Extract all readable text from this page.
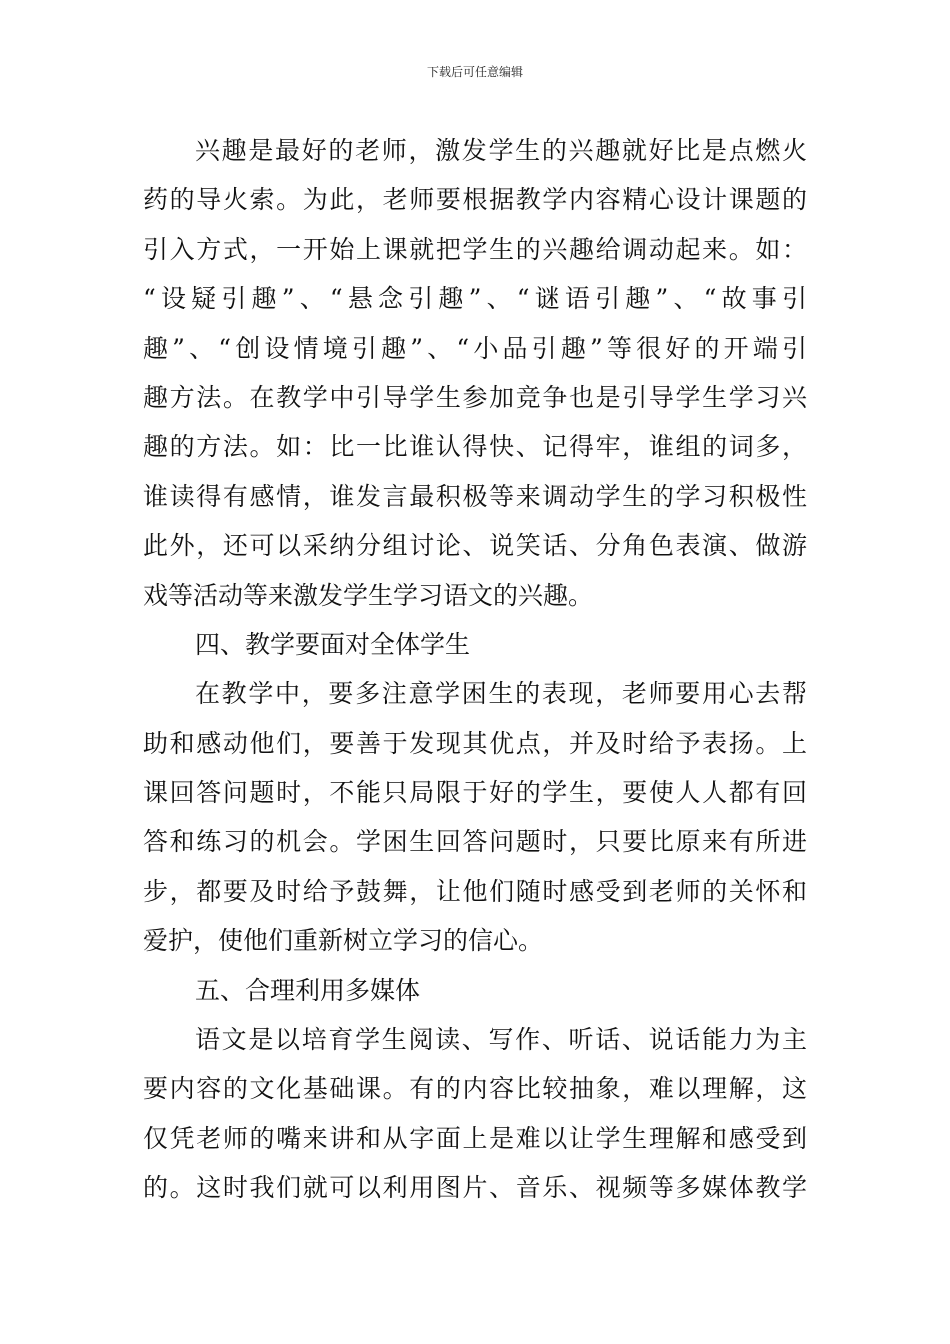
下载后可任意编辑
兴趣是最好的老师，激发学生的兴趣就好比是点燃火
药的导火索。为此，老师要根据教学内容精心设计课题的
引入方式，一开始上课就把学生的兴趣给调动起来。如：
“设疑引趣”、“悬念引趣”、“谜语引趣”、“故事引
趣”、“创设情境引趣”、“小品引趣”等很好的开端引
趣方法。在教学中引导学生参加竞争也是引导学生学习兴
趣的方法。如：比一比谁认得快、记得牢，谁组的词多，
谁读得有感情，谁发言最积极等来调动学生的学习积极性
此外，还可以采纳分组讨论、说笑话、分角色表演、做游
戏等活动等来激发学生学习语文的兴趣。
四、教学要面对全体学生
在教学中，要多注意学困生的表现，老师要用心去帮
助和感动他们，要善于发现其优点，并及时给予表扬。上
课回答问题时，不能只局限于好的学生，要使人人都有回
答和练习的机会。学困生回答问题时，只要比原来有所进
步，都要及时给予鼓舞，让他们随时感受到老师的关怀和
爱护，使他们重新树立学习的信心。
五、合理利用多媒体
语文是以培育学生阅读、写作、听话、说话能力为主
要内容的文化基础课。有的内容比较抽象，难以理解，这
仅凭老师的嘴来讲和从字面上是难以让学生理解和感受到
的。这时我们就可以利用图片、音乐、视频等多媒体教学
